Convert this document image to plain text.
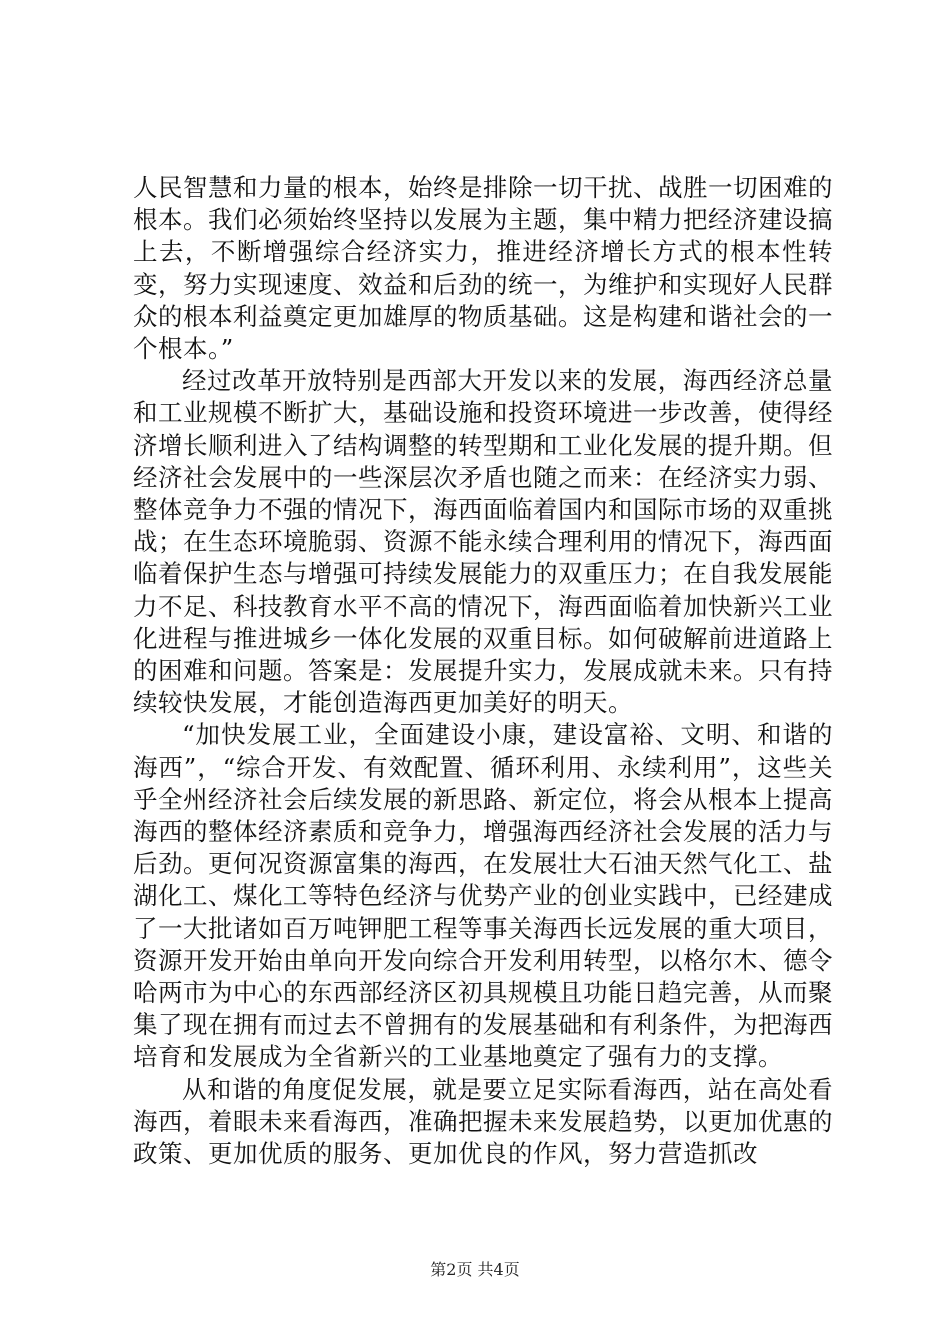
人民智慧和力量的根本，始终是排除一切干扰、战胜一切困难的根本。我们必须始终坚持以发展为主题，集中精力把经济建设搞上去，不断增强综合经济实力，推进经济增长方式的根本性转变，努力实现速度、效益和后劲的统一，为维护和实现好人民群众的根本利益奠定更加雄厚的物质基础。这是构建和谐社会的一个根本。”

经过改革开放特别是西部大开发以来的发展，海西经济总量和工业规模不断扩大，基础设施和投资环境进一步改善，使得经济增长顺利进入了结构调整的转型期和工业化发展的提升期。但经济社会发展中的一些深层次矛盾也随之而来：在经济实力弱、整体竞争力不强的情况下，海西面临着国内和国际市场的双重挑战；在生态环境脆弱、资源不能永续合理利用的情况下，海西面临着保护生态与增强可持续发展能力的双重压力；在自我发展能力不足、科技教育水平不高的情况下，海西面临着加快新兴工业化进程与推进城乡一体化发展的双重目标。如何破解前进道路上的困难和问题。答案是：发展提升实力，发展成就未来。只有持续较快发展，才能创造海西更加美好的明天。

“加快发展工业，全面建设小康，建设富裕、文明、和谐的海西”，“综合开发、有效配置、循环利用、永续利用”，这些关乎全州经济社会后续发展的新思路、新定位，将会从根本上提高海西的整体经济素质和竞争力，增强海西经济社会发展的活力与后劲。更何况资源富集的海西，在发展壮大石油天然气化工、盐湖化工、煤化工等特色经济与优势产业的创业实践中，已经建成了一大批诸如百万吨钾肥工程等事关海西长远发展的重大项目，资源开发开始由单向开发向综合开发利用转型，以格尔木、德令哈两市为中心的东西部经济区初具规模且功能日趋完善，从而聚集了现在拥有而过去不曾拥有的发展基础和有利条件，为把海西培育和发展成为全省新兴的工业基地奠定了强有力的支撑。

从和谐的角度促发展，就是要立足实际看海西，站在高处看海西，着眼未来看海西，准确把握未来发展趋势，以更加优惠的政策、更加优质的服务、更加优良的作风，努力营造抓改

第2页 共4页
